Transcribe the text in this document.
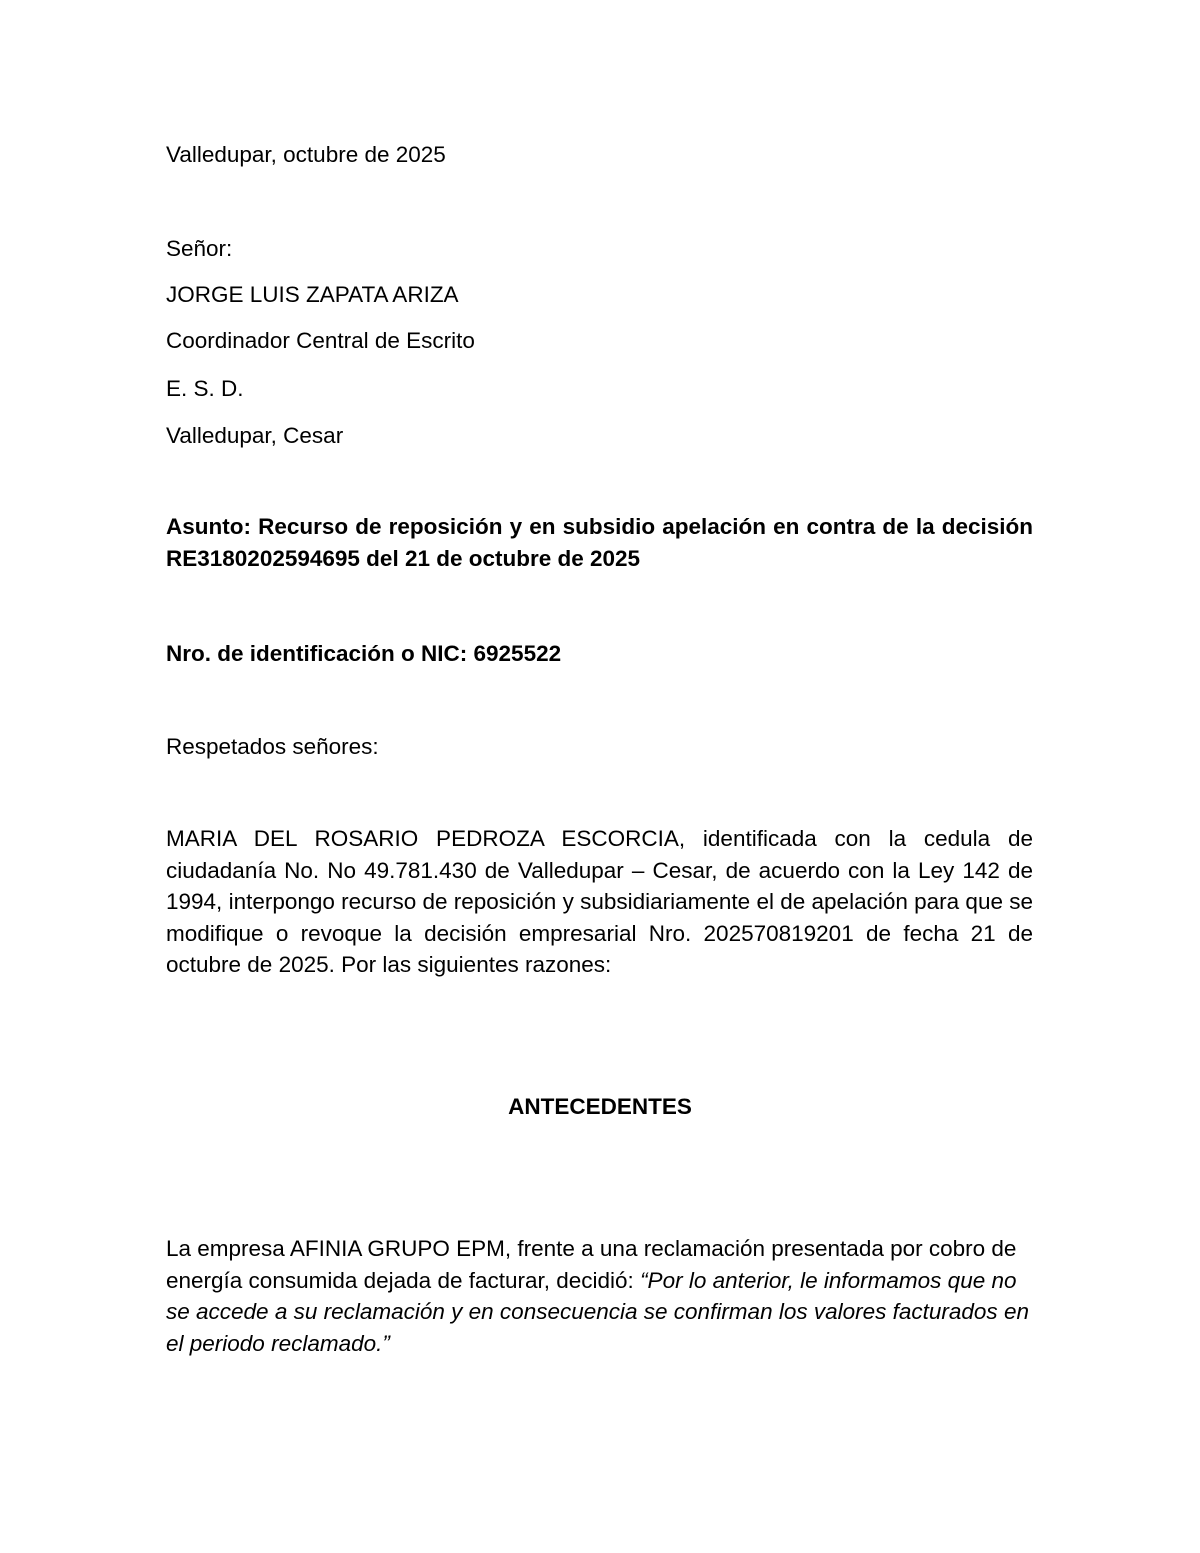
Valledupar, octubre de 2025
Señor:
JORGE LUIS ZAPATA ARIZA
Coordinador Central de Escrito
E. S. D.
Valledupar, Cesar
Asunto: Recurso de reposición y en subsidio apelación en contra de la decisión RE3180202594695 del 21 de octubre de 2025
Nro. de identificación o NIC: 6925522
Respetados señores:
MARIA DEL ROSARIO PEDROZA ESCORCIA, identificada con la cedula de ciudadanía No. No 49.781.430 de Valledupar – Cesar, de acuerdo con la Ley 142 de 1994, interpongo recurso de reposición y subsidiariamente el de apelación para que se modifique o revoque la decisión empresarial Nro. 202570819201 de fecha 21 de octubre de 2025. Por las siguientes razones:
ANTECEDENTES
La empresa AFINIA GRUPO EPM, frente a una reclamación presentada por cobro de energía consumida dejada de facturar, decidió: “Por lo anterior, le informamos que no se accede a su reclamación y en consecuencia se confirman los valores facturados en el periodo reclamado.”
